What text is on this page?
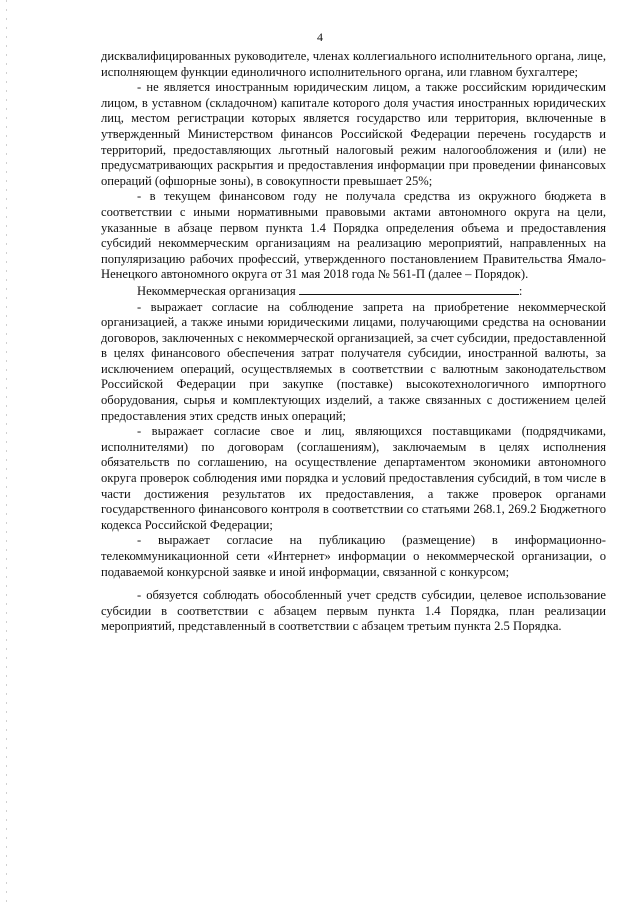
4

дисквалифицированных руководителе, членах коллегиального исполнительного органа, лице, исполняющем функции единоличного исполнительного органа, или главном бухгалтере;

- не является иностранным юридическим лицом, а также российским юридическим лицом, в уставном (складочном) капитале которого доля участия иностранных юридических лиц, местом регистрации которых является государство или территория, включенные в утвержденный Министерством финансов Российской Федерации перечень государств и территорий, предоставляющих льготный налоговый режим налогообложения и (или) не предусматривающих раскрытия и предоставления информации при проведении финансовых операций (офшорные зоны), в совокупности превышает 25%;

- в текущем финансовом году не получала средства из окружного бюджета в соответствии с иными нормативными правовыми актами автономного округа на цели, указанные в абзаце первом пункта 1.4 Порядка определения объема и предоставления субсидий некоммерческим организациям на реализацию мероприятий, направленных на популяризацию рабочих профессий, утвержденного постановлением Правительства Ямало-Ненецкого автономного округа от 31 мая 2018 года № 561-П (далее – Порядок).

Некоммерческая организация	:

- выражает согласие на соблюдение запрета на приобретение некоммерческой организацией, а также иными юридическими лицами, получающими средства на основании договоров, заключенных с некоммерческой организацией, за счет субсидии, предоставленной в целях финансового обеспечения затрат получателя субсидии, иностранной валюты, за исключением операций, осуществляемых в соответствии с валютным законодательством Российской Федерации при закупке (поставке) высокотехнологичного импортного оборудования, сырья и комплектующих изделий, а также связанных с достижением целей предоставления этих средств иных операций;

- выражает согласие свое и лиц, являющихся поставщиками (подрядчиками, исполнителями) по договорам (соглашениям), заключаемым в целях исполнения обязательств по соглашению, на осуществление департаментом экономики автономного округа проверок соблюдения ими порядка и условий предоставления субсидий, в том числе в части достижения результатов их предоставления, а также проверок органами государственного финансового контроля в соответствии со статьями 268.1, 269.2 Бюджетного кодекса Российской Федерации;

- выражает согласие на публикацию (размещение) в информационно-телекоммуникационной сети «Интернет» информации о некоммерческой организации, о подаваемой конкурсной заявке и иной информации, связанной с конкурсом;

- обязуется соблюдать обособленный учет средств субсидии, целевое использование субсидии в соответствии с абзацем первым пункта 1.4 Порядка, план реализации мероприятий, представленный в соответствии с абзацем третьим пункта 2.5 Порядка.
